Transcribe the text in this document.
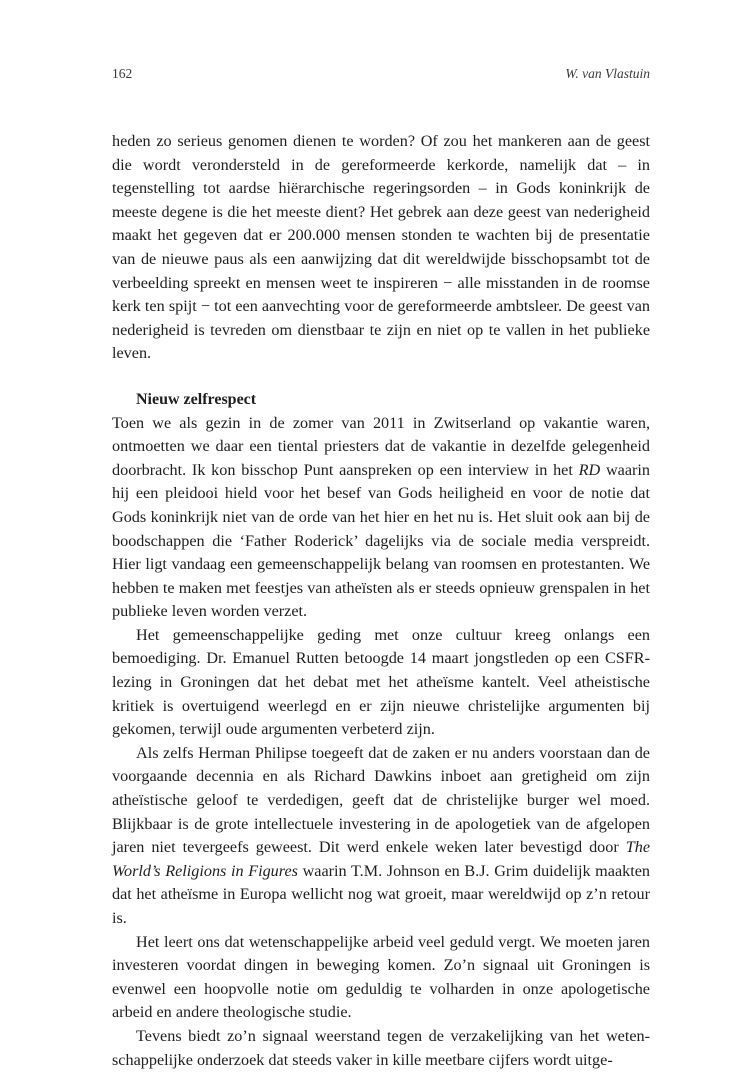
162	W. van Vlastuin

heden zo serieus genomen dienen te worden? Of zou het mankeren aan de geest die wordt verondersteld in de gereformeerde kerkorde, namelijk dat – in tegenstelling tot aardse hiërarchische regeringsorden – in Gods koninkrijk de meeste degene is die het meeste dient? Het gebrek aan deze geest van nederigheid maakt het gegeven dat er 200.000 mensen stonden te wachten bij de presentatie van de nieuwe paus als een aanwijzing dat dit wereldwijde bisschopsambt tot de verbeelding spreekt en mensen weet te inspireren − alle misstanden in de roomse kerk ten spijt − tot een aanvechting voor de gereformeerde ambtsleer. De geest van nederigheid is tevreden om dienstbaar te zijn en niet op te vallen in het publieke leven.

Nieuw zelfrespect

Toen we als gezin in de zomer van 2011 in Zwitserland op vakantie waren, ontmoetten we daar een tiental priesters dat de vakantie in dezelfde gelegenheid doorbracht. Ik kon bisschop Punt aanspreken op een interview in het RD waarin hij een pleidooi hield voor het besef van Gods heiligheid en voor de notie dat Gods koninkrijk niet van de orde van het hier en het nu is. Het sluit ook aan bij de boodschappen die ‘Father Roderick’ dagelijks via de sociale media verspreidt. Hier ligt vandaag een gemeenschappelijk belang van roomsen en protestanten. We hebben te maken met feestjes van atheïsten als er steeds opnieuw grenspalen in het publieke leven worden verzet.

Het gemeenschappelijke geding met onze cultuur kreeg onlangs een bemoediging. Dr. Emanuel Rutten betoogde 14 maart jongstleden op een CSFR-lezing in Groningen dat het debat met het atheïsme kantelt. Veel atheistische kritiek is overtuigend weerlegd en er zijn nieuwe christelijke argumenten bij gekomen, terwijl oude argumenten verbeterd zijn.

Als zelfs Herman Philipse toegeeft dat de zaken er nu anders voorstaan dan de voorgaande decennia en als Richard Dawkins inboet aan gretigheid om zijn atheïstische geloof te verdedigen, geeft dat de christelijke burger wel moed. Blijkbaar is de grote intellectuele investering in de apologetiek van de afgelopen jaren niet tevergeefs geweest. Dit werd enkele weken later bevestigd door The World’s Religions in Figures waarin T.M. Johnson en B.J. Grim duidelijk maakten dat het atheïsme in Europa wellicht nog wat groeit, maar wereldwijd op z’n retour is.

Het leert ons dat wetenschappelijke arbeid veel geduld vergt. We moeten jaren investeren voordat dingen in beweging komen. Zo’n signaal uit Groningen is evenwel een hoopvolle notie om geduldig te volharden in onze apologetische arbeid en andere theologische studie.

Tevens biedt zo’n signaal weerstand tegen de verzakelijking van het wetenschappelijke onderzoek dat steeds vaker in kille meetbare cijfers wordt uitge-
